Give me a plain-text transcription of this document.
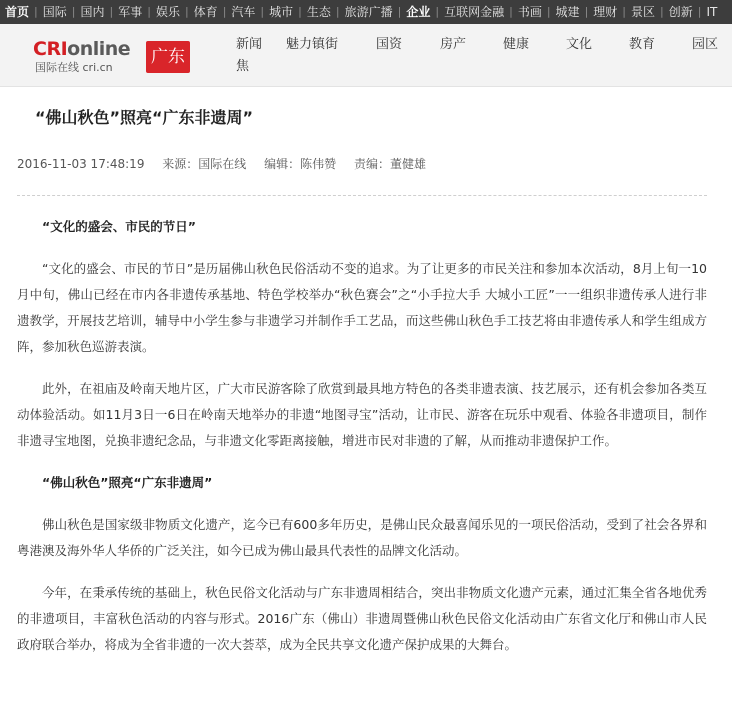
首页 | 国际 | 国内 | 军事 | 娱乐 | 体育 | 汽车 | 城市 | 生态 | 旅游广播 | 企业 | 互联网金融 | 书画 | 城建 | 理财 | 景区 | 创新 | IT
CRIonline
国际在线 cri.cn
广东
新闻焦
魅力镇街	国资	房产	健康	文化	教育	园区
“佛山秋色”照亮“广东非遗周”
2016-11-03 17:48:19 来源：国际在线 编辑：陈伟赞 责编：董健雄

“文化的盛会、市民的节日”

“文化的盛会、市民的节日”是历届佛山秋色民俗活动不变的追求。为了让更多的市民关注和参加本次活动，8月上旬一10月中旬，佛山已经在市内各非遗传承基地、特色学校举办“秋色赛会”之“小手拉大手 大城小工匠”一一组织非遗传承人进行非遗教学，开展技艺培训，辅导中小学生参与非遗学习并制作手工艺品，而这些佛山秋色手工技艺将由非遗传承人和学生组成方阵，参加秋色巡游表演。

此外，在祖庙及岭南天地片区，广大市民游客除了欣赏到最具地方特色的各类非遗表演、技艺展示，还有机会参加各类互动体验活动。如11月3日一6日在岭南天地举办的非遗“地图寻宝”活动，让市民、游客在玩乐中观看、体验各非遗项目，制作非遗寻宝地图，兑换非遗纪念品，与非遗文化零距离接触，增进市民对非遗的了解，从而推动非遗保护工作。

“佛山秋色”照亮“广东非遗周”

佛山秋色是国家级非物质文化遗产，迄今已有600多年历史，是佛山民众最喜闻乐见的一项民俗活动，受到了社会各界和粤港澳及海外华人华侨的广泛关注，如今已成为佛山最具代表性的品牌文化活动。

今年，在秉承传统的基础上，秋色民俗文化活动与广东非遗周相结合，突出非物质文化遗产元素，通过汇集全省各地优秀的非遗项目，丰富秋色活动的内容与形式。2016广东（佛山）非遗周暨佛山秋色民俗文化活动由广东省文化厅和佛山市人民政府联合举办，将成为全省非遗的一次大荟萃，成为全民共享文化遗产保护成果的大舞台。
